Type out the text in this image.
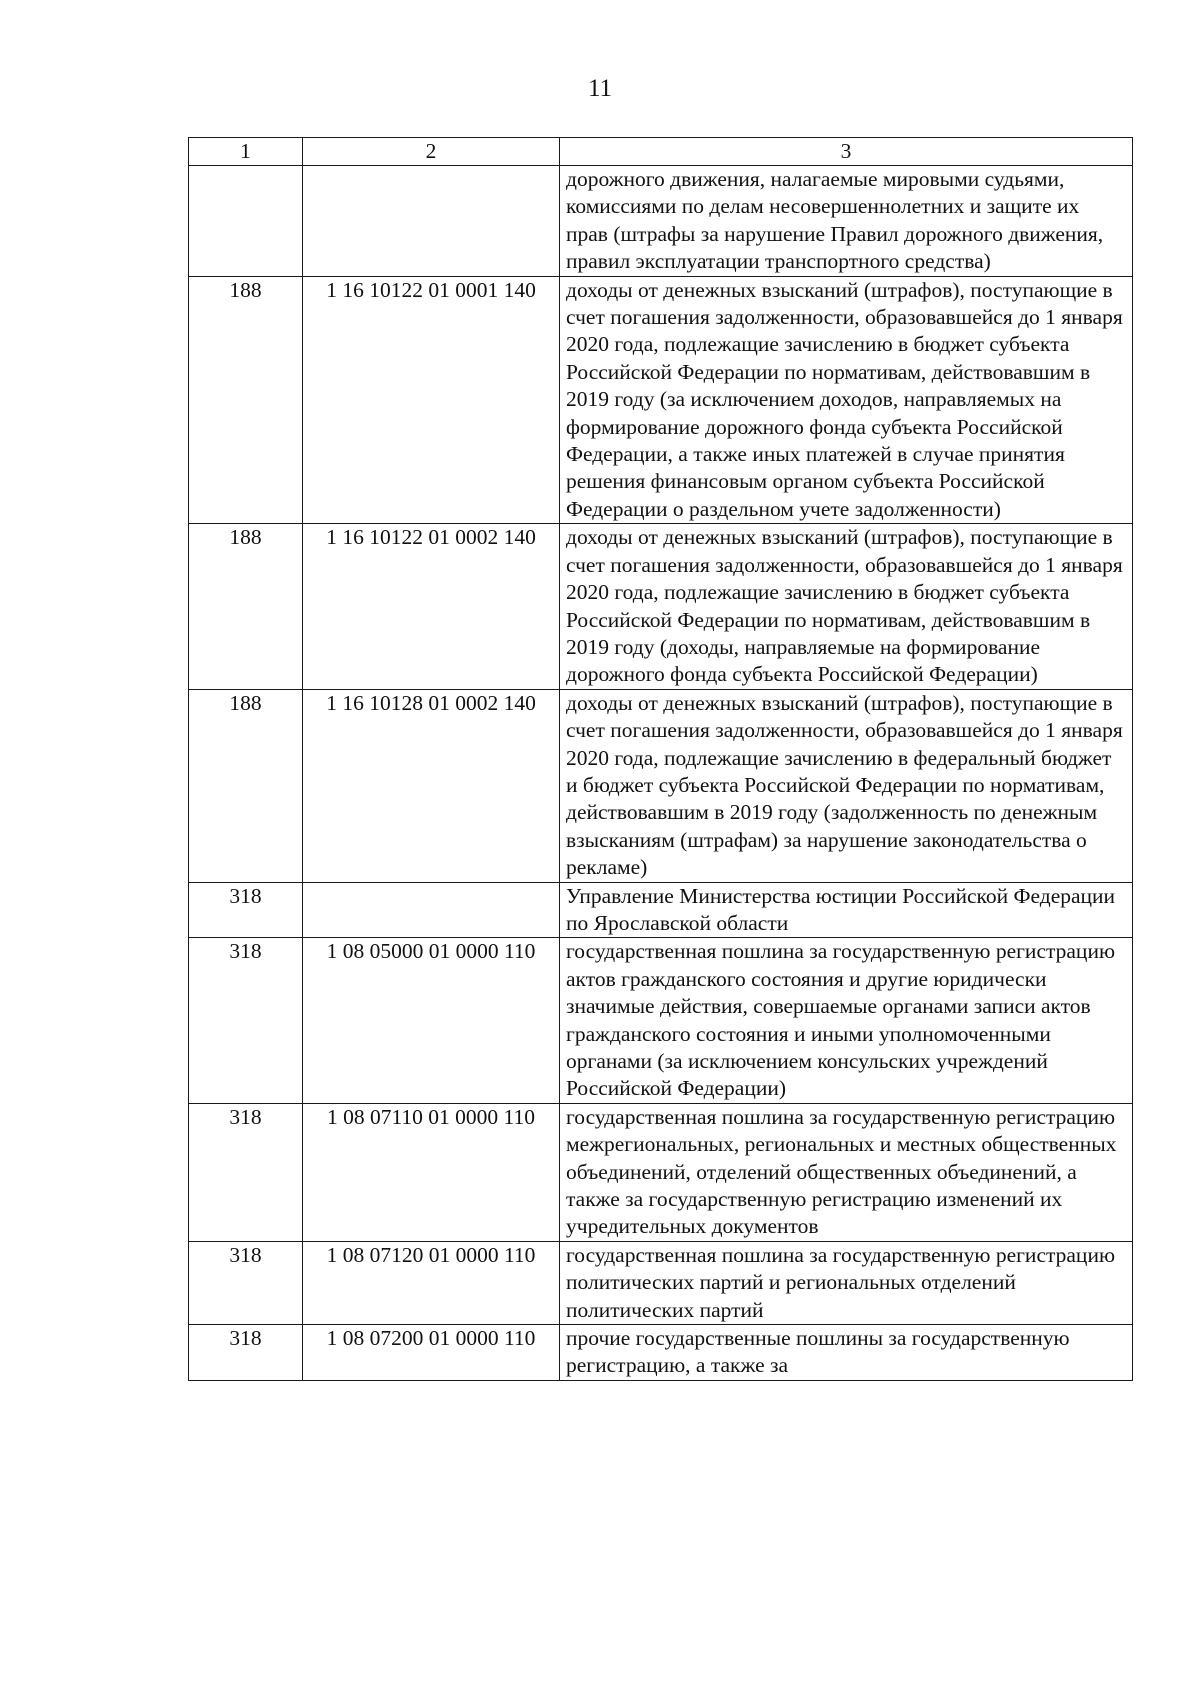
11
1	2	3
		дорожного движения, налагаемые мировыми судьями, комиссиями по делам несовершеннолетних и защите их прав (штрафы за нарушение Правил дорожного движения, правил эксплуатации транспортного средства)
188	1 16 10122 01 0001 140	доходы от денежных взысканий (штрафов), поступающие в счет погашения задолженности, образовавшейся до 1 января 2020 года, подлежащие зачислению в бюджет субъекта Российской Федерации по нормативам, действовавшим в 2019 году (за исключением доходов, направляемых на формирование дорожного фонда субъекта Российской Федерации, а также иных платежей в случае принятия решения финансовым органом субъекта Российской Федерации о раздельном учете задолженности)
188	1 16 10122 01 0002 140	доходы от денежных взысканий (штрафов), поступающие в счет погашения задолженности, образовавшейся до 1 января 2020 года, подлежащие зачислению в бюджет субъекта Российской Федерации по нормативам, действовавшим в 2019 году (доходы, направляемые на формирование дорожного фонда субъекта Российской Федерации)
188	1 16 10128 01 0002 140	доходы от денежных взысканий (штрафов), поступающие в счет погашения задолженности, образовавшейся до 1 января 2020 года, подлежащие зачислению в федеральный бюджет и бюджет субъекта Российской Федерации по нормативам, действовавшим в 2019 году (задолженность по денежным взысканиям (штрафам) за нарушение законодательства о рекламе)
318		Управление Министерства юстиции Российской Федерации по Ярославской области
318	1 08 05000 01 0000 110	государственная пошлина за государственную регистрацию актов гражданского состояния и другие юридически значимые действия, совершаемые органами записи актов гражданского состояния и иными уполномоченными органами (за исключением консульских учреждений Российской Федерации)
318	1 08 07110 01 0000 110	государственная пошлина за государственную регистрацию межрегиональных, региональных и местных общественных объединений, отделений общественных объединений, а также за государственную регистрацию изменений их учредительных документов
318	1 08 07120 01 0000 110	государственная пошлина за государственную регистрацию политических партий и региональных отделений политических партий
318	1 08 07200 01 0000 110	прочие государственные пошлины за государственную регистрацию, а также за
